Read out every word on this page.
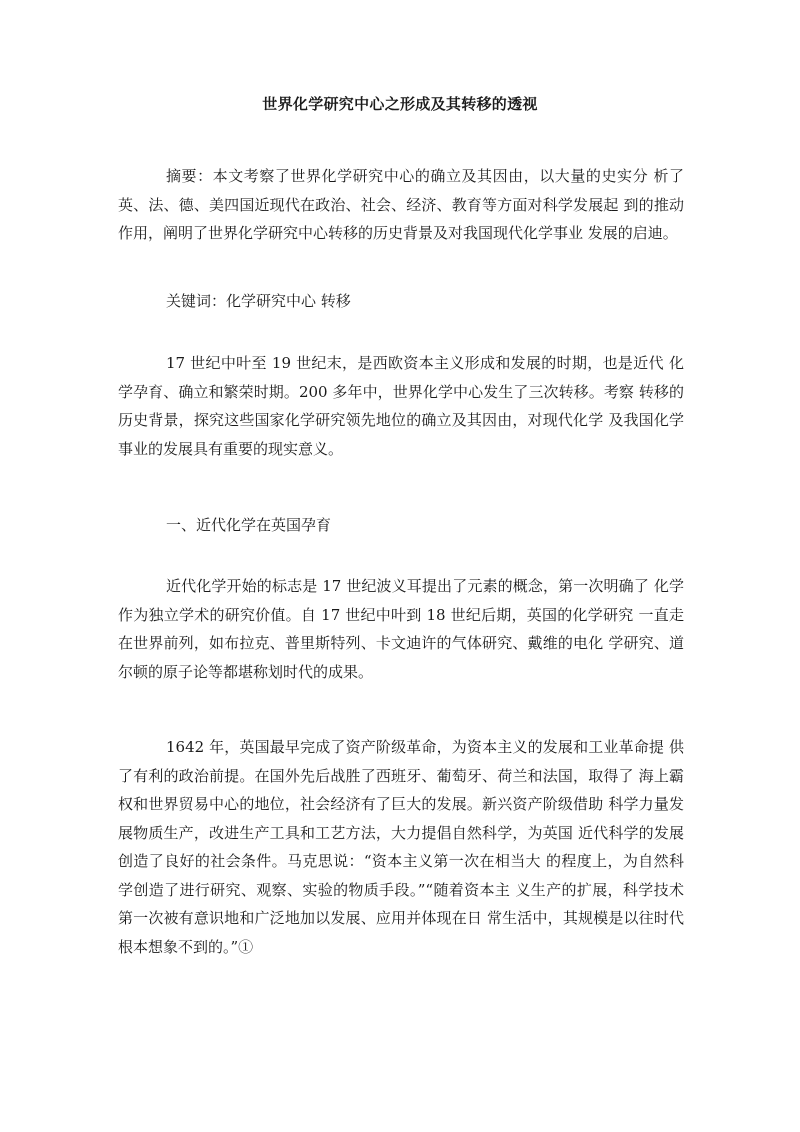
世界化学研究中心之形成及其转移的透视

摘要：本文考察了世界化学研究中心的确立及其因由，以大量的史实分 析了英、法、德、美四国近现代在政治、社会、经济、教育等方面对科学发展起 到的推动作用，阐明了世界化学研究中心转移的历史背景及对我国现代化学事业 发展的启迪。

关键词：化学研究中心 转移

17 世纪中叶至 19 世纪末，是西欧资本主义形成和发展的时期，也是近代 化学孕育、确立和繁荣时期。200 多年中，世界化学中心发生了三次转移。考察 转移的历史背景，探究这些国家化学研究领先地位的确立及其因由，对现代化学 及我国化学事业的发展具有重要的现实意义。

一、近代化学在英国孕育

近代化学开始的标志是 17 世纪波义耳提出了元素的概念，第一次明确了 化学作为独立学术的研究价值。自 17 世纪中叶到 18 世纪后期，英国的化学研究 一直走在世界前列，如布拉克、普里斯特列、卡文迪许的气体研究、戴维的电化 学研究、道尔顿的原子论等都堪称划时代的成果。

1642 年，英国最早完成了资产阶级革命，为资本主义的发展和工业革命提 供了有利的政治前提。在国外先后战胜了西班牙、葡萄牙、荷兰和法国，取得了 海上霸权和世界贸易中心的地位，社会经济有了巨大的发展。新兴资产阶级借助 科学力量发展物质生产，改进生产工具和工艺方法，大力提倡自然科学，为英国 近代科学的发展创造了良好的社会条件。马克思说：“资本主义第一次在相当大 的程度上，为自然科学创造了进行研究、观察、实验的物质手段。”“随着资本主 义生产的扩展，科学技术第一次被有意识地和广泛地加以发展、应用并体现在日 常生活中，其规模是以往时代根本想象不到的。”①
